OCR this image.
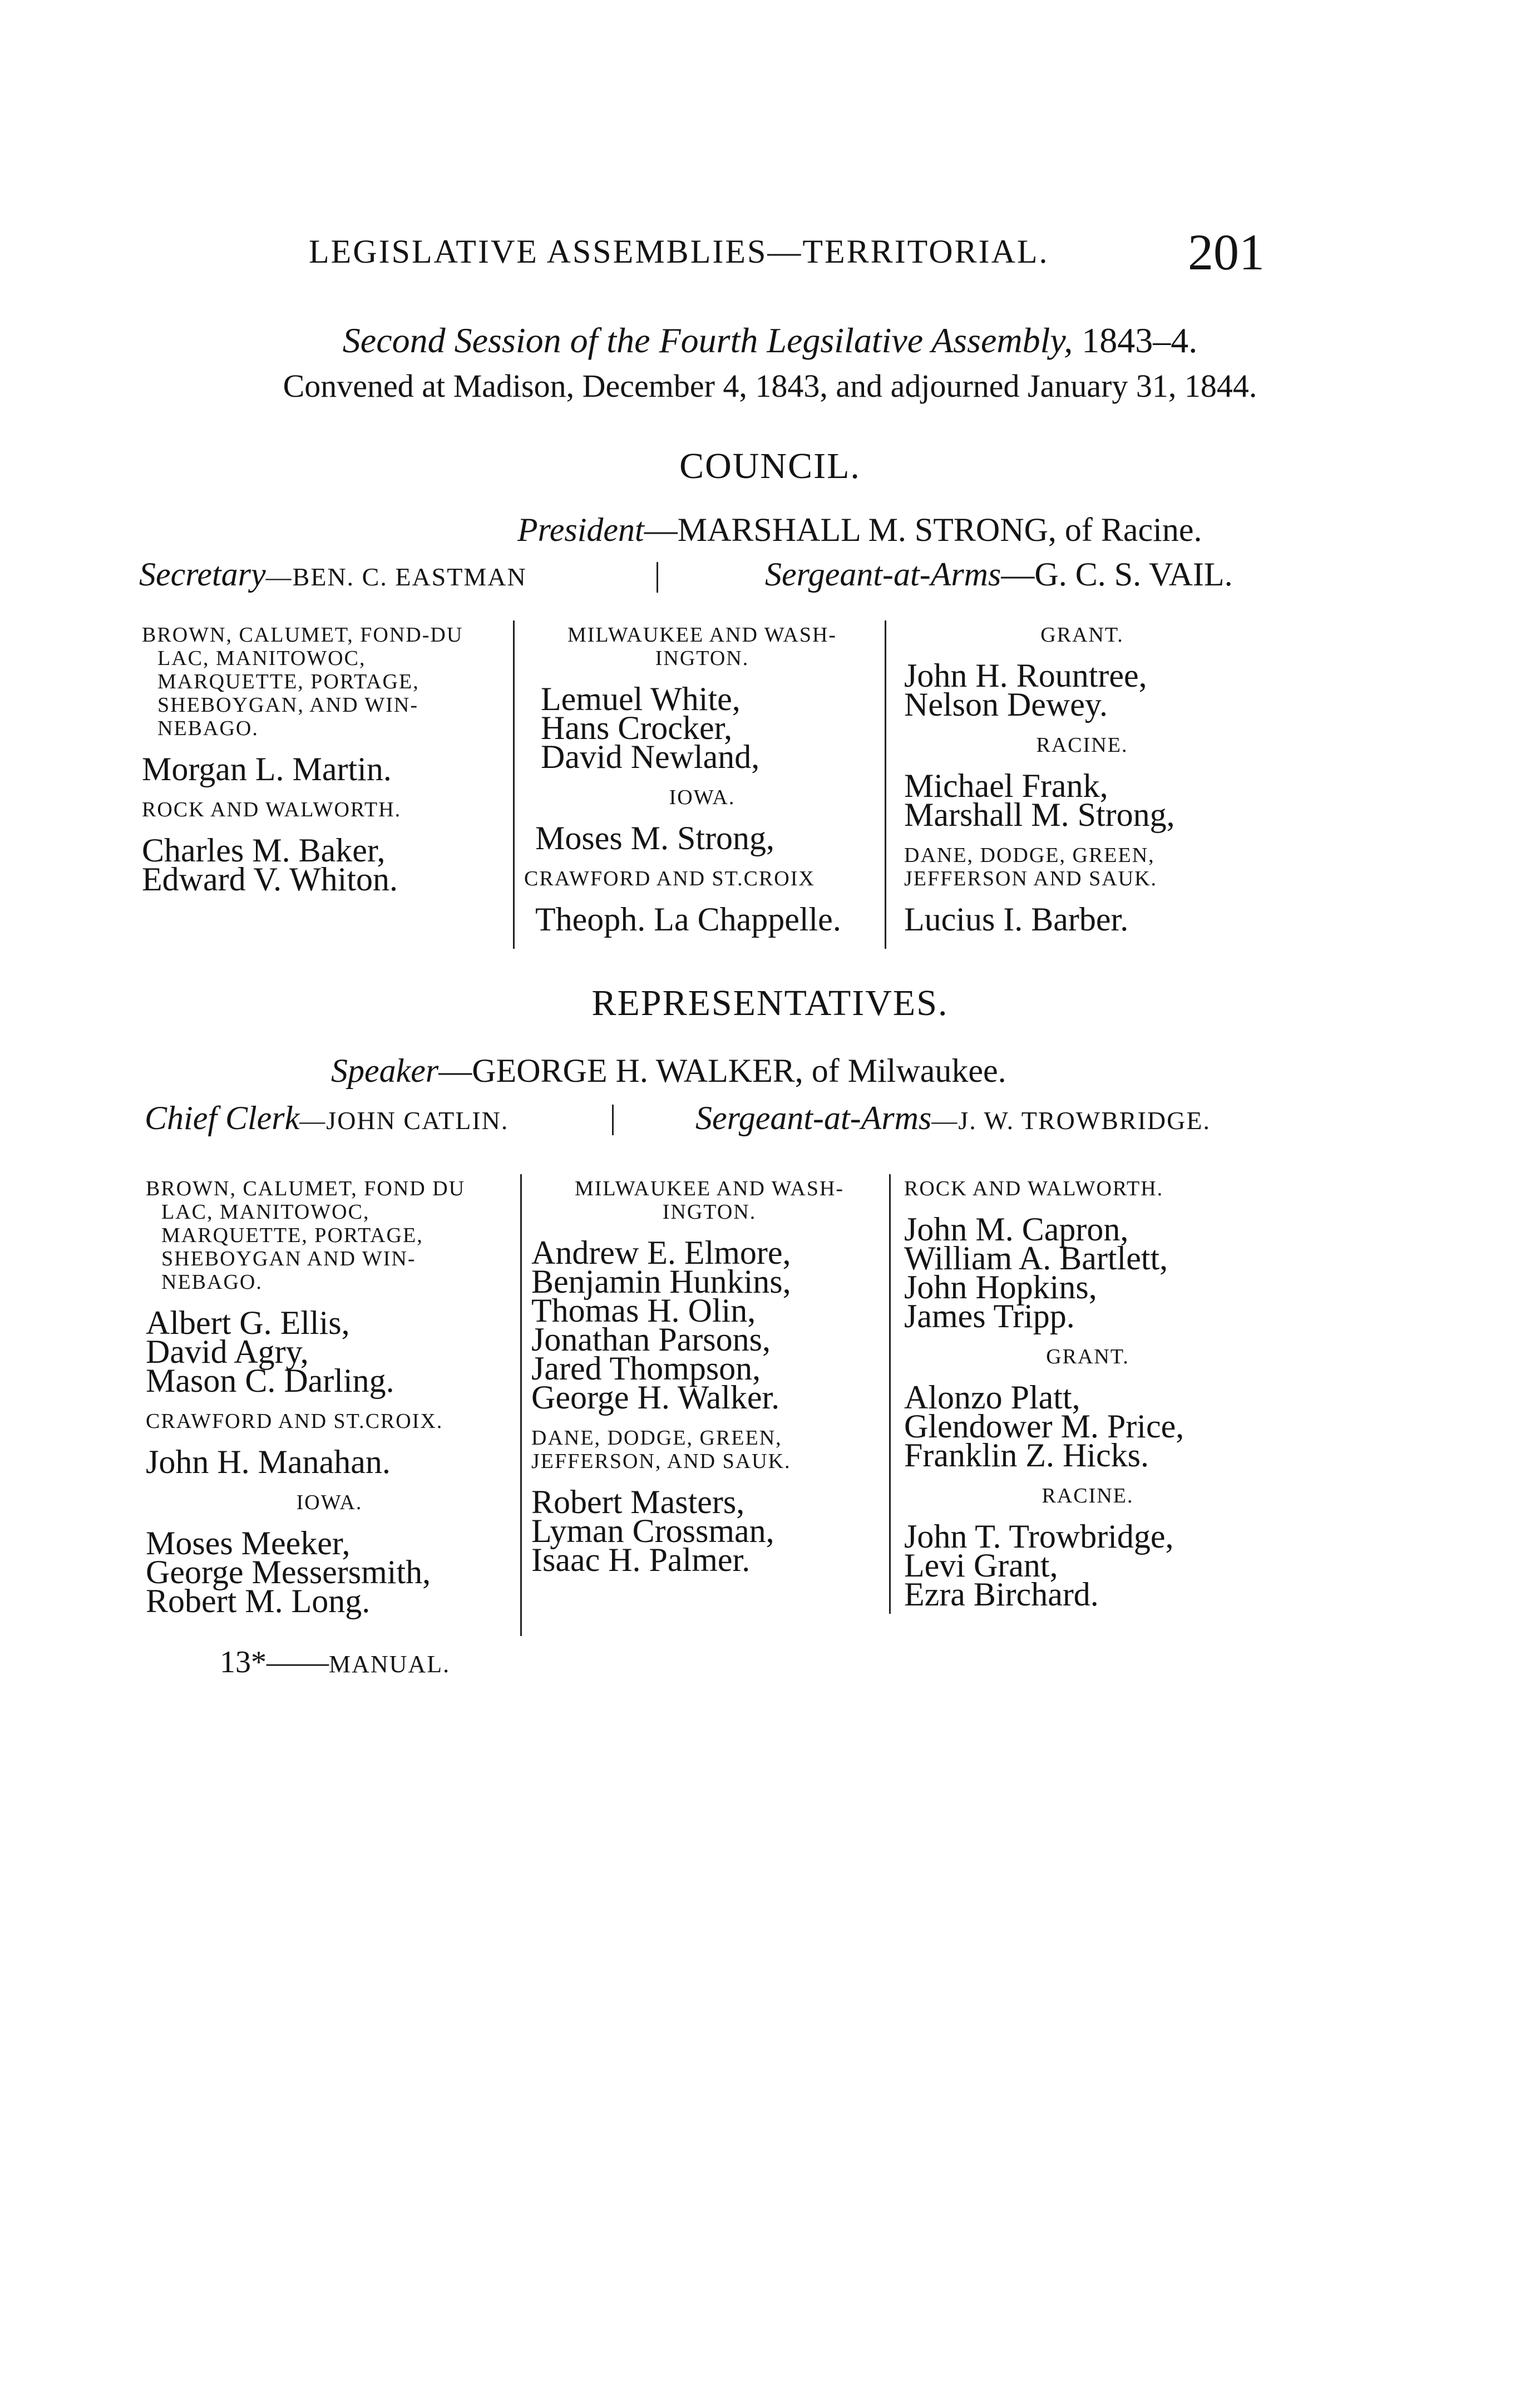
LEGISLATIVE ASSEMBLIES—TERRITORIAL.	201
Second Session of the Fourth Legsilative Assembly, 1843–4.
Convened at Madison, December 4, 1843, and adjourned January 31, 1844.
COUNCIL.
President—MARSHALL M. STRONG, of Racine.
Secretary—BEN. C. EASTMAN	Sergeant-at-Arms—G. C. S. VAIL.
BROWN, CALUMET, FOND-DU LAC, MANITOWOC, MARQUETTE, PORTAGE, SHEBOYGAN, AND WIN-NEBAGO.
Morgan L. Martin.
ROCK AND WALWORTH.
Charles M. Baker,
Edward V. Whiton.
MILWAUKEE AND WASH-INGTON.
Lemuel White,
Hans Crocker,
David Newland,
IOWA.
Moses M. Strong,
CRAWFORD AND ST.CROIX
Theoph. La Chappelle.
GRANT.
John H. Rountree,
Nelson Dewey.
RACINE.
Michael Frank,
Marshall M. Strong,
DANE, DODGE, GREEN, JEFFERSON AND SAUK.
Lucius I. Barber.
REPRESENTATIVES.
Speaker—GEORGE H. WALKER, of Milwaukee.
Chief Clerk—JOHN CATLIN.	Sergeant-at-Arms—J. W. TROWBRIDGE.
BROWN, CALUMET, FOND DU LAC, MANITOWOC, MARQUETTE, PORTAGE, SHEBOYGAN AND WIN-NEBAGO.
Albert G. Ellis,
David Agry,
Mason C. Darling.
CRAWFORD AND ST.CROIX.
John H. Manahan.
IOWA.
Moses Meeker,
George Messersmith,
Robert M. Long.
MILWAUKEE AND WASH-INGTON.
Andrew E. Elmore,
Benjamin Hunkins,
Thomas H. Olin,
Jonathan Parsons,
Jared Thompson,
George H. Walker.
DANE, DODGE, GREEN, JEFFERSON, AND SAUK.
Robert Masters,
Lyman Crossman,
Isaac H. Palmer.
ROCK AND WALWORTH.
John M. Capron,
William A. Bartlett,
John Hopkins,
James Tripp.
GRANT.
Alonzo Platt,
Glendower M. Price,
Franklin Z. Hicks.
RACINE.
John T. Trowbridge,
Levi Grant,
Ezra Birchard.
13*——MANUAL.
